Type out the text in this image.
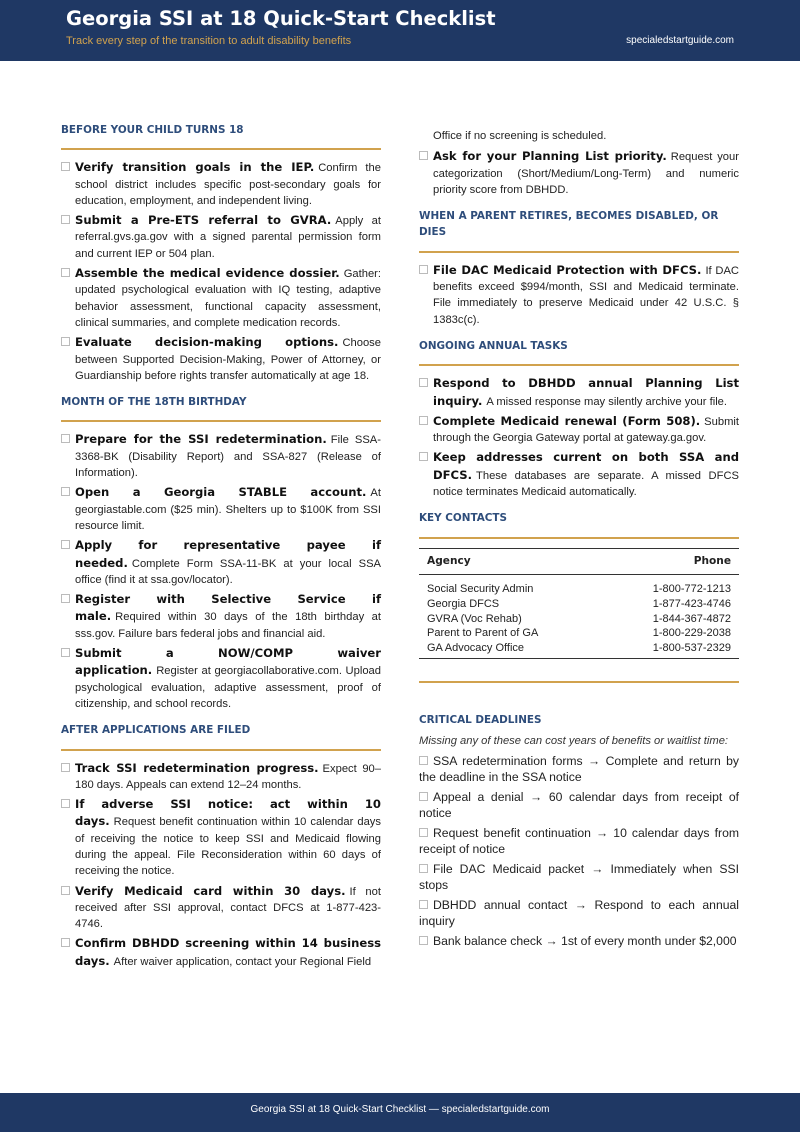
Georgia SSI at 18 Quick-Start Checklist
Track every step of the transition to adult disability benefits	specialedstartguide.com
BEFORE YOUR CHILD TURNS 18
Verify transition goals in the IEP. Confirm the school district includes specific post-secondary goals for education, employment, and independent living.
Submit a Pre-ETS referral to GVRA. Apply at referral.gvs.ga.gov with a signed parental permission form and current IEP or 504 plan.
Assemble the medical evidence dossier. Gather: updated psychological evaluation with IQ testing, adaptive behavior assessment, functional capacity assessment, clinical summaries, and complete medication records.
Evaluate decision-making options. Choose between Supported Decision-Making, Power of Attorney, or Guardianship before rights transfer automatically at age 18.
MONTH OF THE 18TH BIRTHDAY
Prepare for the SSI redetermination. File SSA-3368-BK (Disability Report) and SSA-827 (Release of Information).
Open a Georgia STABLE account. At georgiastable.com ($25 min). Shelters up to $100K from SSI resource limit.
Apply for representative payee if needed. Complete Form SSA-11-BK at your local SSA office (find it at ssa.gov/locator).
Register with Selective Service if male. Required within 30 days of the 18th birthday at sss.gov. Failure bars federal jobs and financial aid.
Submit a NOW/COMP waiver application. Register at georgiacollaborative.com. Upload psychological evaluation, adaptive assessment, proof of citizenship, and school records.
AFTER APPLICATIONS ARE FILED
Track SSI redetermination progress. Expect 90–180 days. Appeals can extend 12–24 months.
If adverse SSI notice: act within 10 days. Request benefit continuation within 10 calendar days of receiving the notice to keep SSI and Medicaid flowing during the appeal. File Reconsideration within 60 days of receiving the notice.
Verify Medicaid card within 30 days. If not received after SSI approval, contact DFCS at 1-877-423-4746.
Confirm DBHDD screening within 14 business days. After waiver application, contact your Regional Field
Office if no screening is scheduled.
Ask for your Planning List priority. Request your categorization (Short/Medium/Long-Term) and numeric priority score from DBHDD.
WHEN A PARENT RETIRES, BECOMES DISABLED, OR DIES
File DAC Medicaid Protection with DFCS. If DAC benefits exceed $994/month, SSI and Medicaid terminate. File immediately to preserve Medicaid under 42 U.S.C. § 1383c(c).
ONGOING ANNUAL TASKS
Respond to DBHDD annual Planning List inquiry. A missed response may silently archive your file.
Complete Medicaid renewal (Form 508). Submit through the Georgia Gateway portal at gateway.ga.gov.
Keep addresses current on both SSA and DFCS. These databases are separate. A missed DFCS notice terminates Medicaid automatically.
KEY CONTACTS
Agency	Phone
Social Security Admin	1-800-772-1213
Georgia DFCS	1-877-423-4746
GVRA (Voc Rehab)	1-844-367-4872
Parent to Parent of GA	1-800-229-2038
GA Advocacy Office	1-800-537-2329
CRITICAL DEADLINES
Missing any of these can cost years of benefits or waitlist time:
SSA redetermination forms → Complete and return by the deadline in the SSA notice
Appeal a denial → 60 calendar days from receipt of notice
Request benefit continuation → 10 calendar days from receipt of notice
File DAC Medicaid packet → Immediately when SSI stops
DBHDD annual contact → Respond to each annual inquiry
Bank balance check → 1st of every month under $2,000
Georgia SSI at 18 Quick-Start Checklist — specialedstartguide.com
